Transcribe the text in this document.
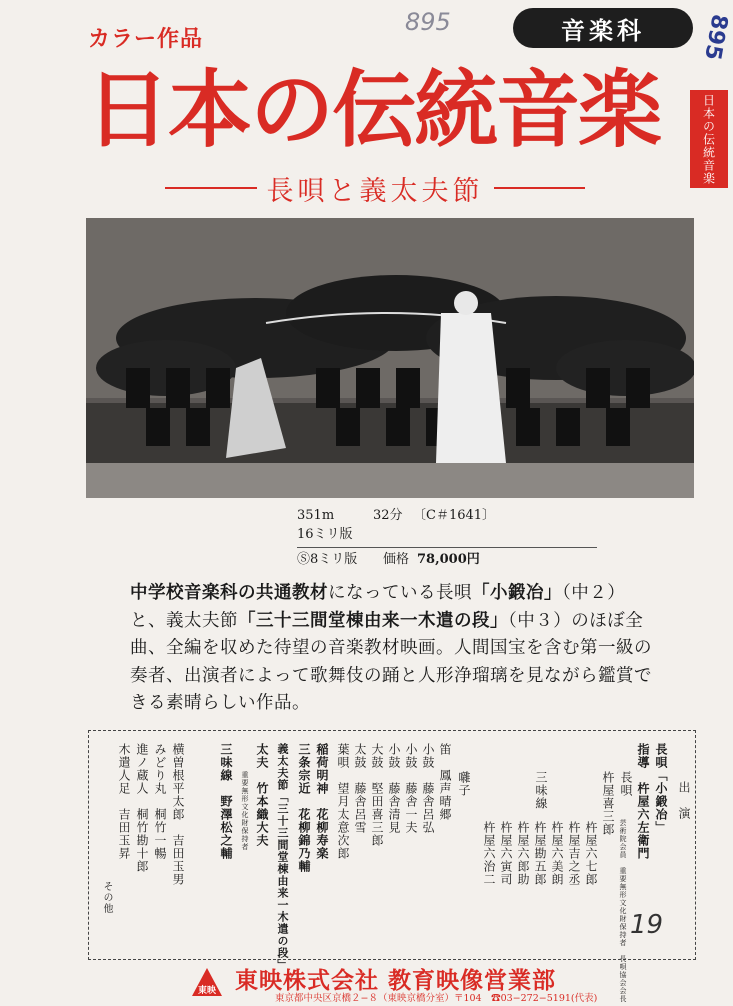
カラー作品
895	895
音楽科
日本の伝統音楽	日本の伝統音楽
長唄と義太夫節
351m	32分 〔C＃1641〕
16ミリ版
Ⓢ8ミリ版 価格 78,000円
中学校音楽科の共通教材になっている長唄「小鍛冶」（中２）と、義太夫節「三十三間堂棟由来一木遣の段」（中３）のほぼ全曲、全編を収めた待望の音楽教材映画。人間国宝を含む第一級の奏者、出演者によって歌舞伎の踊と人形浄瑠璃を見ながら鑑賞できる素晴らしい作品。
出　演
長唄「小鍛冶」
指導　杵屋六左衛門
長唄
芸術院会員　重要無形文化財保持者　長唄協会会長
杵屋喜三郎
杵屋六七郎
杵屋吉之丞
杵屋六美朗
杵屋勘五郎
杵屋六郎助
杵屋六寅司
杵屋六治二
三味線
囃子
笛　鳳声晴郷
小鼓　藤舎呂弘
小鼓　藤舎一夫
小鼓　藤舎清見
大鼓　堅田喜三郎
太鼓　藤舎呂雪
葉唄　望月太意次郎
稲荷明神　花柳寿楽
三条宗近　花柳錦乃輔
義太夫節「三十三間堂棟由来一木遣の段」
太夫　竹本織大夫
重要無形文化財保持者
三味線　野澤松之輔
横曽根平太郎　吉田玉男
みどり丸　桐竹一暢
進ノ蔵人　桐竹勘十郎
木遣人足　吉田玉昇
その他
19
東映 東映株式会社 教育映像営業部
東京都中央区京橋２−８（東映京橋分室）〒104　☎03−272−5191(代表)
